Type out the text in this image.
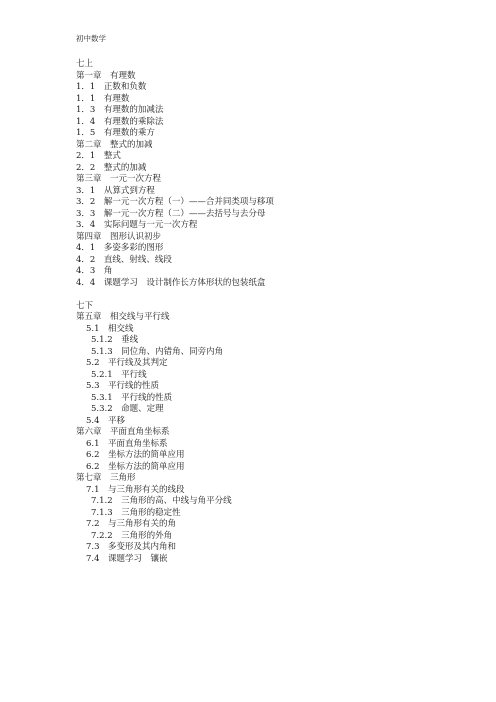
初中数学
七上
第一章　有理数
1．1　正数和负数
1．1　有理数
1．3　有理数的加减法
1．4　有理数的乘除法
1．5　有理数的乘方
第二章　整式的加减
2．1　整式
2．2　整式的加减
第三章　一元一次方程
3．1　从算式到方程
3．2　解一元一次方程（一）——合并同类项与移项
3．3　解一元一次方程（二）——去括号与去分母
3．4　实际问题与一元一次方程
第四章　图形认识初步
4．1　多姿多彩的图形
4．2　直线、射线、线段
4．3　角
4．4　课题学习　设计制作长方体形状的包装纸盒
七下
第五章　相交线与平行线
5.1　相交线
5.1.2　垂线
5.1.3　同位角、内错角、同旁内角
5.2　平行线及其判定
5.2.1　平行线
5.3　平行线的性质
5.3.1　平行线的性质
5.3.2　命题、定理
5.4　平移
第六章　平面直角坐标系
6.1　平面直角坐标系
6.2　坐标方法的简单应用
6.2　坐标方法的简单应用
第七章　三角形
7.1　与三角形有关的线段
7.1.2　三角形的高、中线与角平分线
7.1.3　三角形的稳定性
7.2　与三角形有关的角
7.2.2　三角形的外角
7.3　多变形及其内角和
7.4　课题学习　镶嵌
